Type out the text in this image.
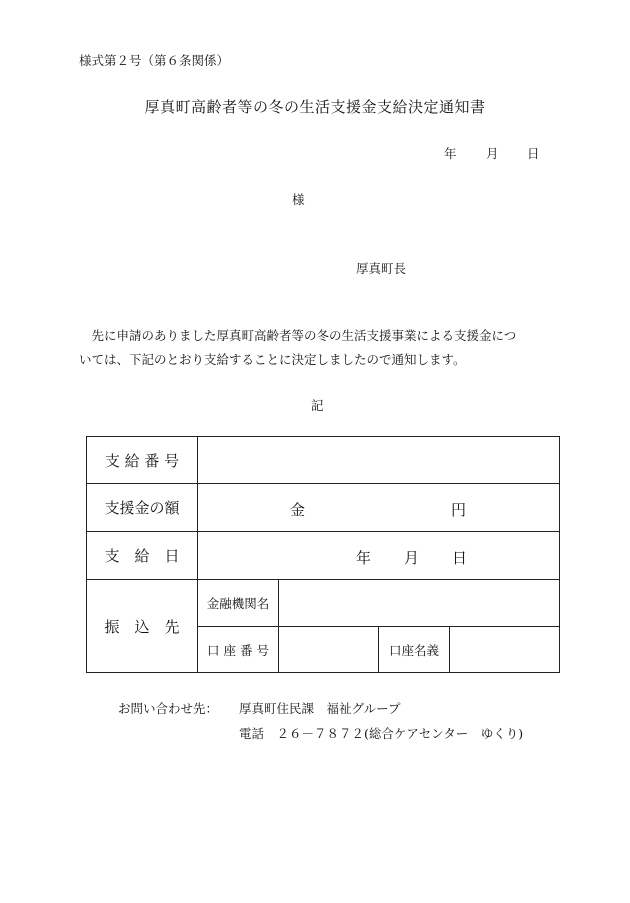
様式第２号（第６条関係）
厚真町高齢者等の冬の生活支援金支給決定通知書
年 月 日
様
厚真町長

　先に申請のありました厚真町高齢者等の冬の生活支援事業による支援金につ

いては、下記のとおり支給することに決定しましたので通知します。

記
支 給 番 号				
支援金の額	金 円			

支　給　日	年 月 日			

振　込　先	金融機関名			
	口 座 番 号		口座名義	
お問い合わせ先： 厚真町住民課　福祉グループ
電話　２６－７８７２(総合ケアセンター　ゆくり)
